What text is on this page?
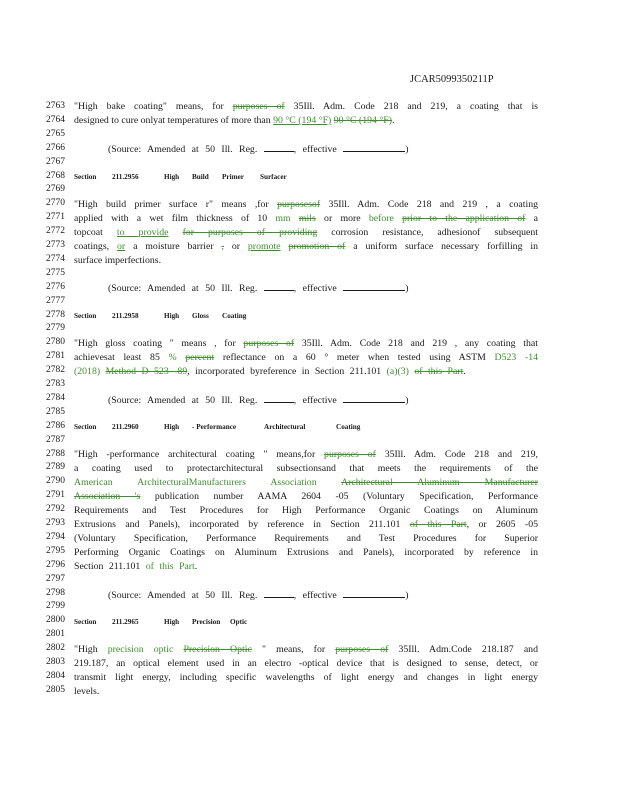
JCAR5099350211P
2763
2764
2765
2766
2767
2768
2769
2770
2771
2772
2773
2774
2775
2776
2777
2778
2779
2780
2781
2782
2783
2784
2785
2786
2787
2788
2789
2790
2791
2792
2793
2794
2795
2796
2797
2798
2799
2800
2801
2802
2803
2804
2805
"High bake coating" means, for purposes of 35Ill. Adm. Code 218 and 219, a coating that is
designed to cure onlyat temperatures of more than 90 °C (194 °F) 90 °C (194 °F).
(Source: Amended at 50 Ill. Reg.	, effective	)
Section 211.2956	High Build Primer Surfacer
"High build primer surface r" means ,for purposesof 35Ill. Adm. Code 218 and 219 , a coating
applied with a wet film thickness of 10 mm mils or more before prior to the application of a
topcoat to provide for purposes of providing corrosion resistance, adhesionof subsequent
coatings, or a moisture barrier , or promote promotion of a uniform surface necessary forfilling in
surface imperfections.
(Source: Amended at 50 Ill. Reg.	, effective	)
Section 211.2958	High Gloss Coating
"High gloss coating " means , for purposes of 35Ill. Adm. Code 218 and 219 , any coating that
achievesat least 85 % percent reflectance on a 60 ° meter when tested using ASTM D523 -14
(2018) Method D 523 -89, incorporated byreference in Section 211.101 (a)(3) of this Part.
(Source: Amended at 50 Ill. Reg.	, effective	)
Section 211.2960	High - Performance	Architectural	Coating
"High -performance architectural coating " means,for purposes of 35Ill. Adm. Code 218 and 219,
a coating used to protectarchitectural subsectionsand that meets the requirements of the
American ArchitecturalManufacturers Association Architectural Aluminum Manufacturer
Association 's publication number AAMA 2604 -05 (Voluntary Specification, Performance
Requirements and Test Procedures for High Performance Organic Coatings on Aluminum
Extrusions and Panels), incorporated by reference in Section 211.101 of this Part, or 2605 -05
(Voluntary Specification, Performance Requirements and Test Procedures for Superior
Performing Organic Coatings on Aluminum Extrusions and Panels), incorporated by reference in
Section 211.101 of this Part.
(Source: Amended at 50 Ill. Reg.	, effective	)
Section 211.2965	High Precision Optic
"High precision optic Precision Optic " means, for purposes of 35Ill. Adm.Code 218.187 and
219.187, an optical element used in an electro -optical device that is designed to sense, detect, or
transmit light energy, including specific wavelengths of light energy and changes in light energy
levels.
